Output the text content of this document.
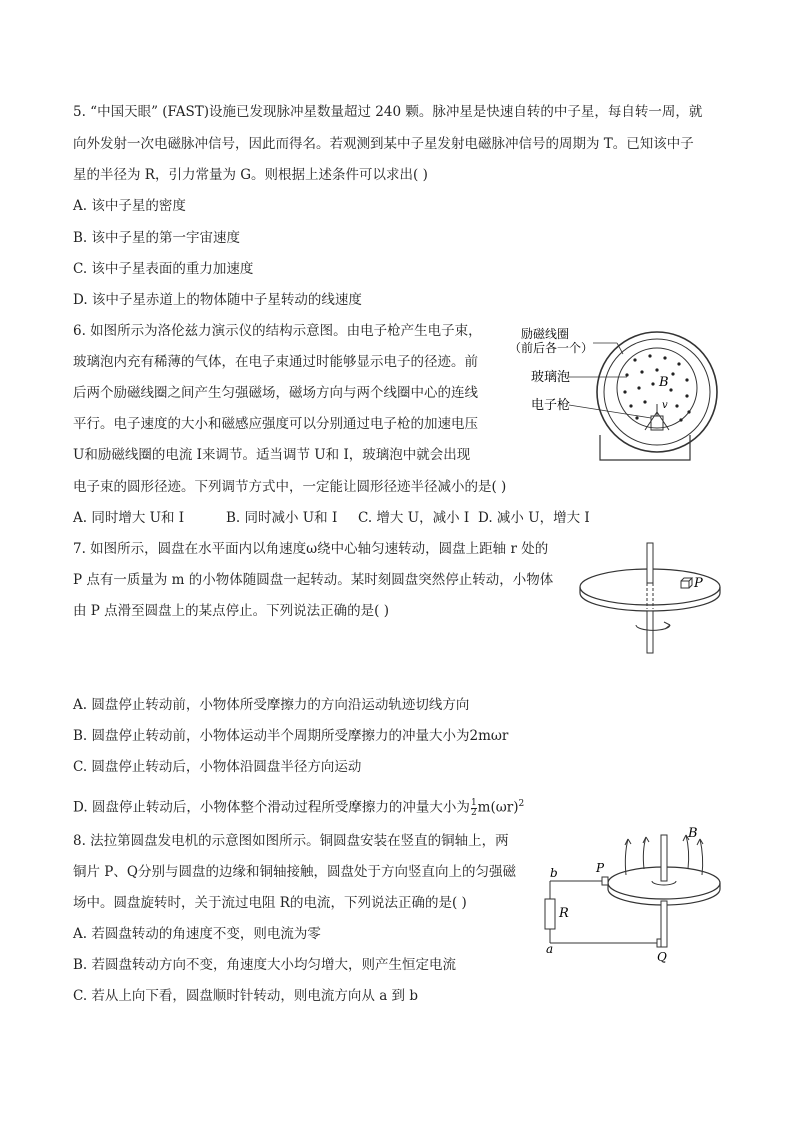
5. “中国天眼” (FAST)设施已发现脉冲星数量超过 240 颗。脉冲星是快速自转的中子星，每自转一周，就
向外发射一次电磁脉冲信号，因此而得名。若观测到某中子星发射电磁脉冲信号的周期为 T。已知该中子
星的半径为 R，引力常量为 G。则根据上述条件可以求出( )
A. 该中子星的密度
B. 该中子星的第一宇宙速度
C. 该中子星表面的重力加速度
D. 该中子星赤道上的物体随中子星转动的线速度
6. 如图所示为洛伦兹力演示仪的结构示意图。由电子枪产生电子束，
玻璃泡内充有稀薄的气体，在电子束通过时能够显示电子的径迹。前
后两个励磁线圈之间产生匀强磁场，磁场方向与两个线圈中心的连线
平行。电子速度的大小和磁感应强度可以分别通过电子枪的加速电压
U和励磁线圈的电流 I来调节。适当调节 U和 I，玻璃泡中就会出现
电子束的圆形径迹。下列调节方式中，一定能让圆形径迹半径减小的是( )
A. 同时增大 U和 I	B. 同时减小 U和 I C. 增大 U，减小 I D. 减小 U，增大 I
励磁线圈
（前后各一个）
玻璃泡
电子枪
B
v
7. 如图所示，圆盘在水平面内以角速度ω绕中心轴匀速转动，圆盘上距轴 r 处的
P 点有一质量为 m 的小物体随圆盘一起转动。某时刻圆盘突然停止转动，小物体
由 P 点滑至圆盘上的某点停止。下列说法正确的是( )
P
A. 圆盘停止转动前，小物体所受摩擦力的方向沿运动轨迹切线方向
B. 圆盘停止转动前，小物体运动半个周期所受摩擦力的冲量大小为2mωr
C. 圆盘停止转动后，小物体沿圆盘半径方向运动
D. 圆盘停止转动后，小物体整个滑动过程所受摩擦力的冲量大小为 $\frac{1}{2} m(\omega r)^2$
8. 法拉第圆盘发电机的示意图如图所示。铜圆盘安装在竖直的铜轴上，两
铜片 P、Q分别与圆盘的边缘和铜轴接触，圆盘处于方向竖直向上的匀强磁
场中。圆盘旋转时，关于流过电阻 R的电流，下列说法正确的是( )
A. 若圆盘转动的角速度不变，则电流为零
B. 若圆盘转动方向不变，角速度大小均匀增大，则产生恒定电流
C. 若从上向下看，圆盘顺时针转动，则电流方向从 a 到 b
B
b	P
R
a
Q
